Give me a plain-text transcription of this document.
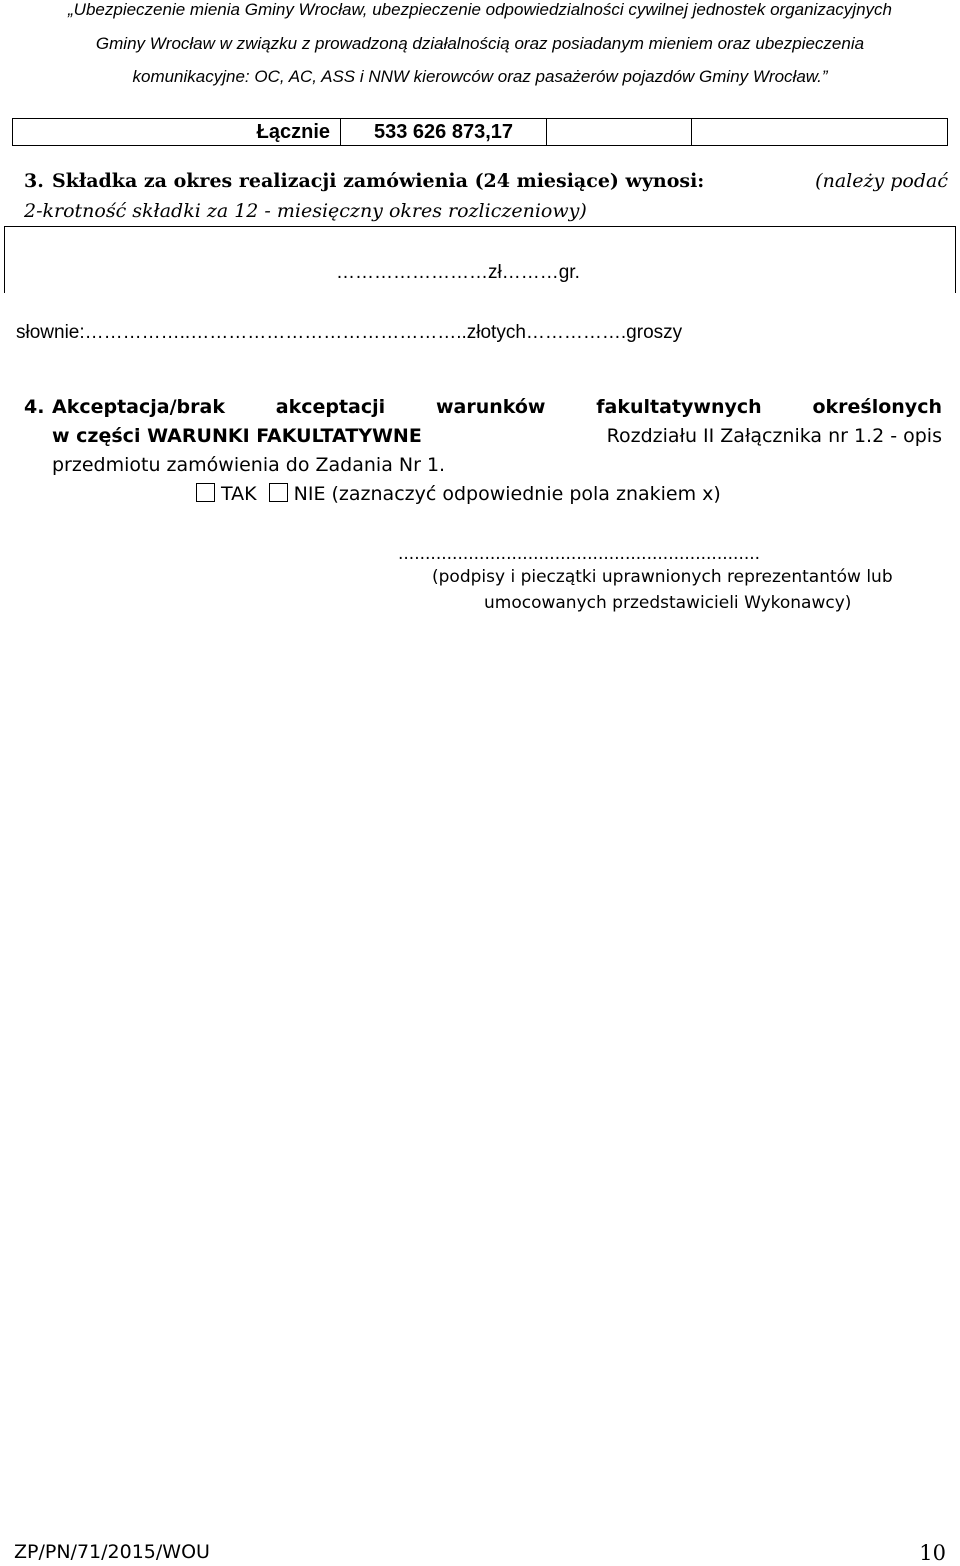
„Ubezpieczenie mienia Gminy Wrocław, ubezpieczenie odpowiedzialności cywilnej jednostek organizacyjnych
Gminy Wrocław w związku z prowadzoną działalnością oraz posiadanym mieniem oraz ubezpieczenia
komunikacyjne: OC, AC, ASS i NNW kierowców oraz pasażerów pojazdów Gminy Wrocław.”
Łącznie	533 626 873,17		
3. Składka za okres realizacji zamówienia (24 miesiące) wynosi:	(należy podać
2-krotność składki za 12 - miesięczny okres rozliczeniowy)
……………………zł………gr.
słownie:……………..……………………………………..złotych…………….groszy
4. Akceptacja/brak akceptacji warunków fakultatywnych określonych
w części WARUNKI FAKULTATYWNE	Rozdziału II Załącznika nr 1.2 - opis
przedmiotu zamówienia do Zadania Nr 1.
TAK NIE (zaznaczyć odpowiednie pola znakiem x)
...................................................................
(podpisy i pieczątki uprawnionych reprezentantów lub
umocowanych przedstawicieli Wykonawcy)
ZP/PN/71/2015/WOU	10
